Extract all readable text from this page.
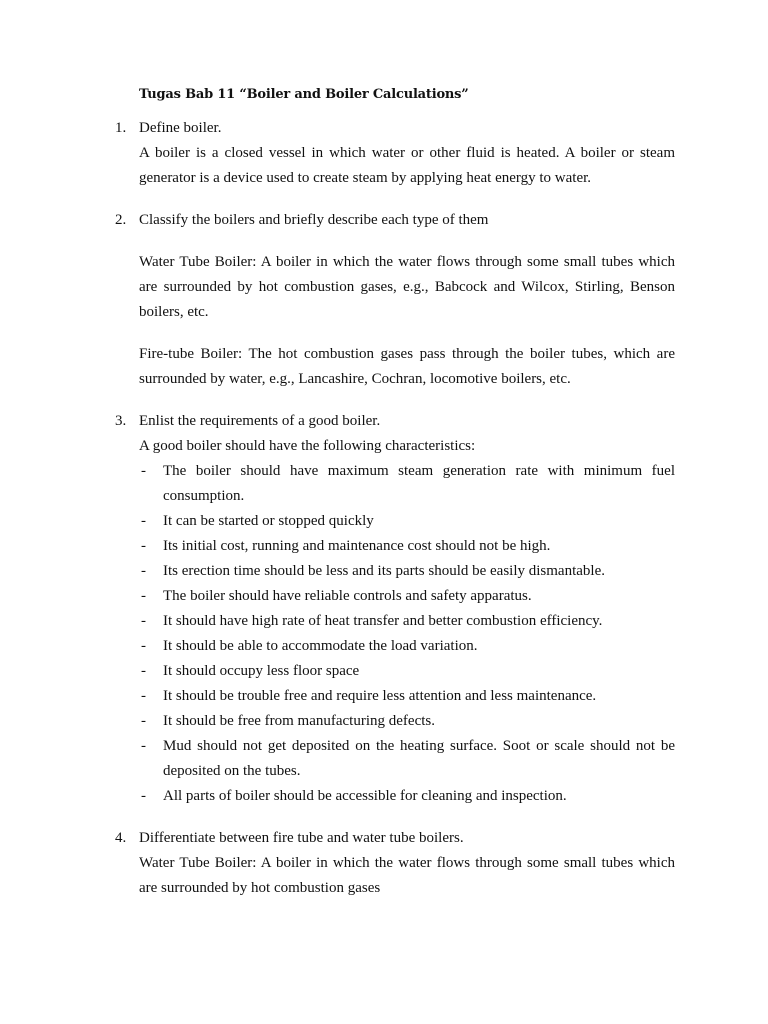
Tugas Bab 11 “Boiler and Boiler Calculations”
1. Define boiler.
A boiler is a closed vessel in which water or other fluid is heated. A boiler or steam generator is a device used to create steam by applying heat energy to water.
2. Classify the boilers and briefly describe each type of them
Water Tube Boiler: A boiler in which the water flows through some small tubes which are surrounded by hot combustion gases, e.g., Babcock and Wilcox, Stirling, Benson boilers, etc.
Fire-tube Boiler: The hot combustion gases pass through the boiler tubes, which are surrounded by water, e.g., Lancashire, Cochran, locomotive boilers, etc.
3. Enlist the requirements of a good boiler.
A good boiler should have the following characteristics:
-	The boiler should have maximum steam generation rate with minimum fuel consumption.
-	It can be started or stopped quickly
-	Its initial cost, running and maintenance cost should not be high.
-	Its erection time should be less and its parts should be easily dismantable.
-	The boiler should have reliable controls and safety apparatus.
-	It should have high rate of heat transfer and better combustion efficiency.
-	It should be able to accommodate the load variation.
-	It should occupy less floor space
-	It should be trouble free and require less attention and less maintenance.
-	It should be free from manufacturing defects.
-	Mud should not get deposited on the heating surface. Soot or scale should not be deposited on the tubes.
-	All parts of boiler should be accessible for cleaning and inspection.
4. Differentiate between fire tube and water tube boilers.
Water Tube Boiler: A boiler in which the water flows through some small tubes which are surrounded by hot combustion gases
